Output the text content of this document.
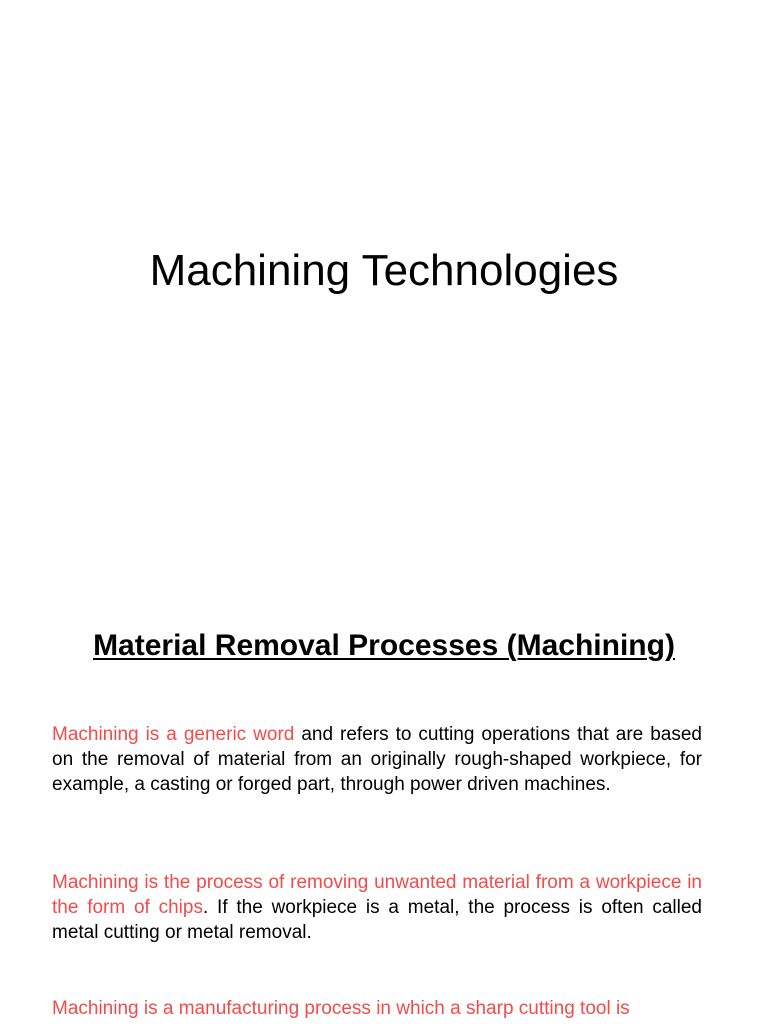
Machining Technologies
Material Removal Processes (Machining)

Machining is a generic word and refers to cutting operations that are based on the removal of material from an originally rough-shaped workpiece, for example, a casting or forged part, through power driven machines.

Machining is the process of removing unwanted material from a workpiece in the form of chips. If the workpiece is a metal, the process is often called metal cutting or metal removal.

Machining is a manufacturing process in which a sharp cutting tool is
